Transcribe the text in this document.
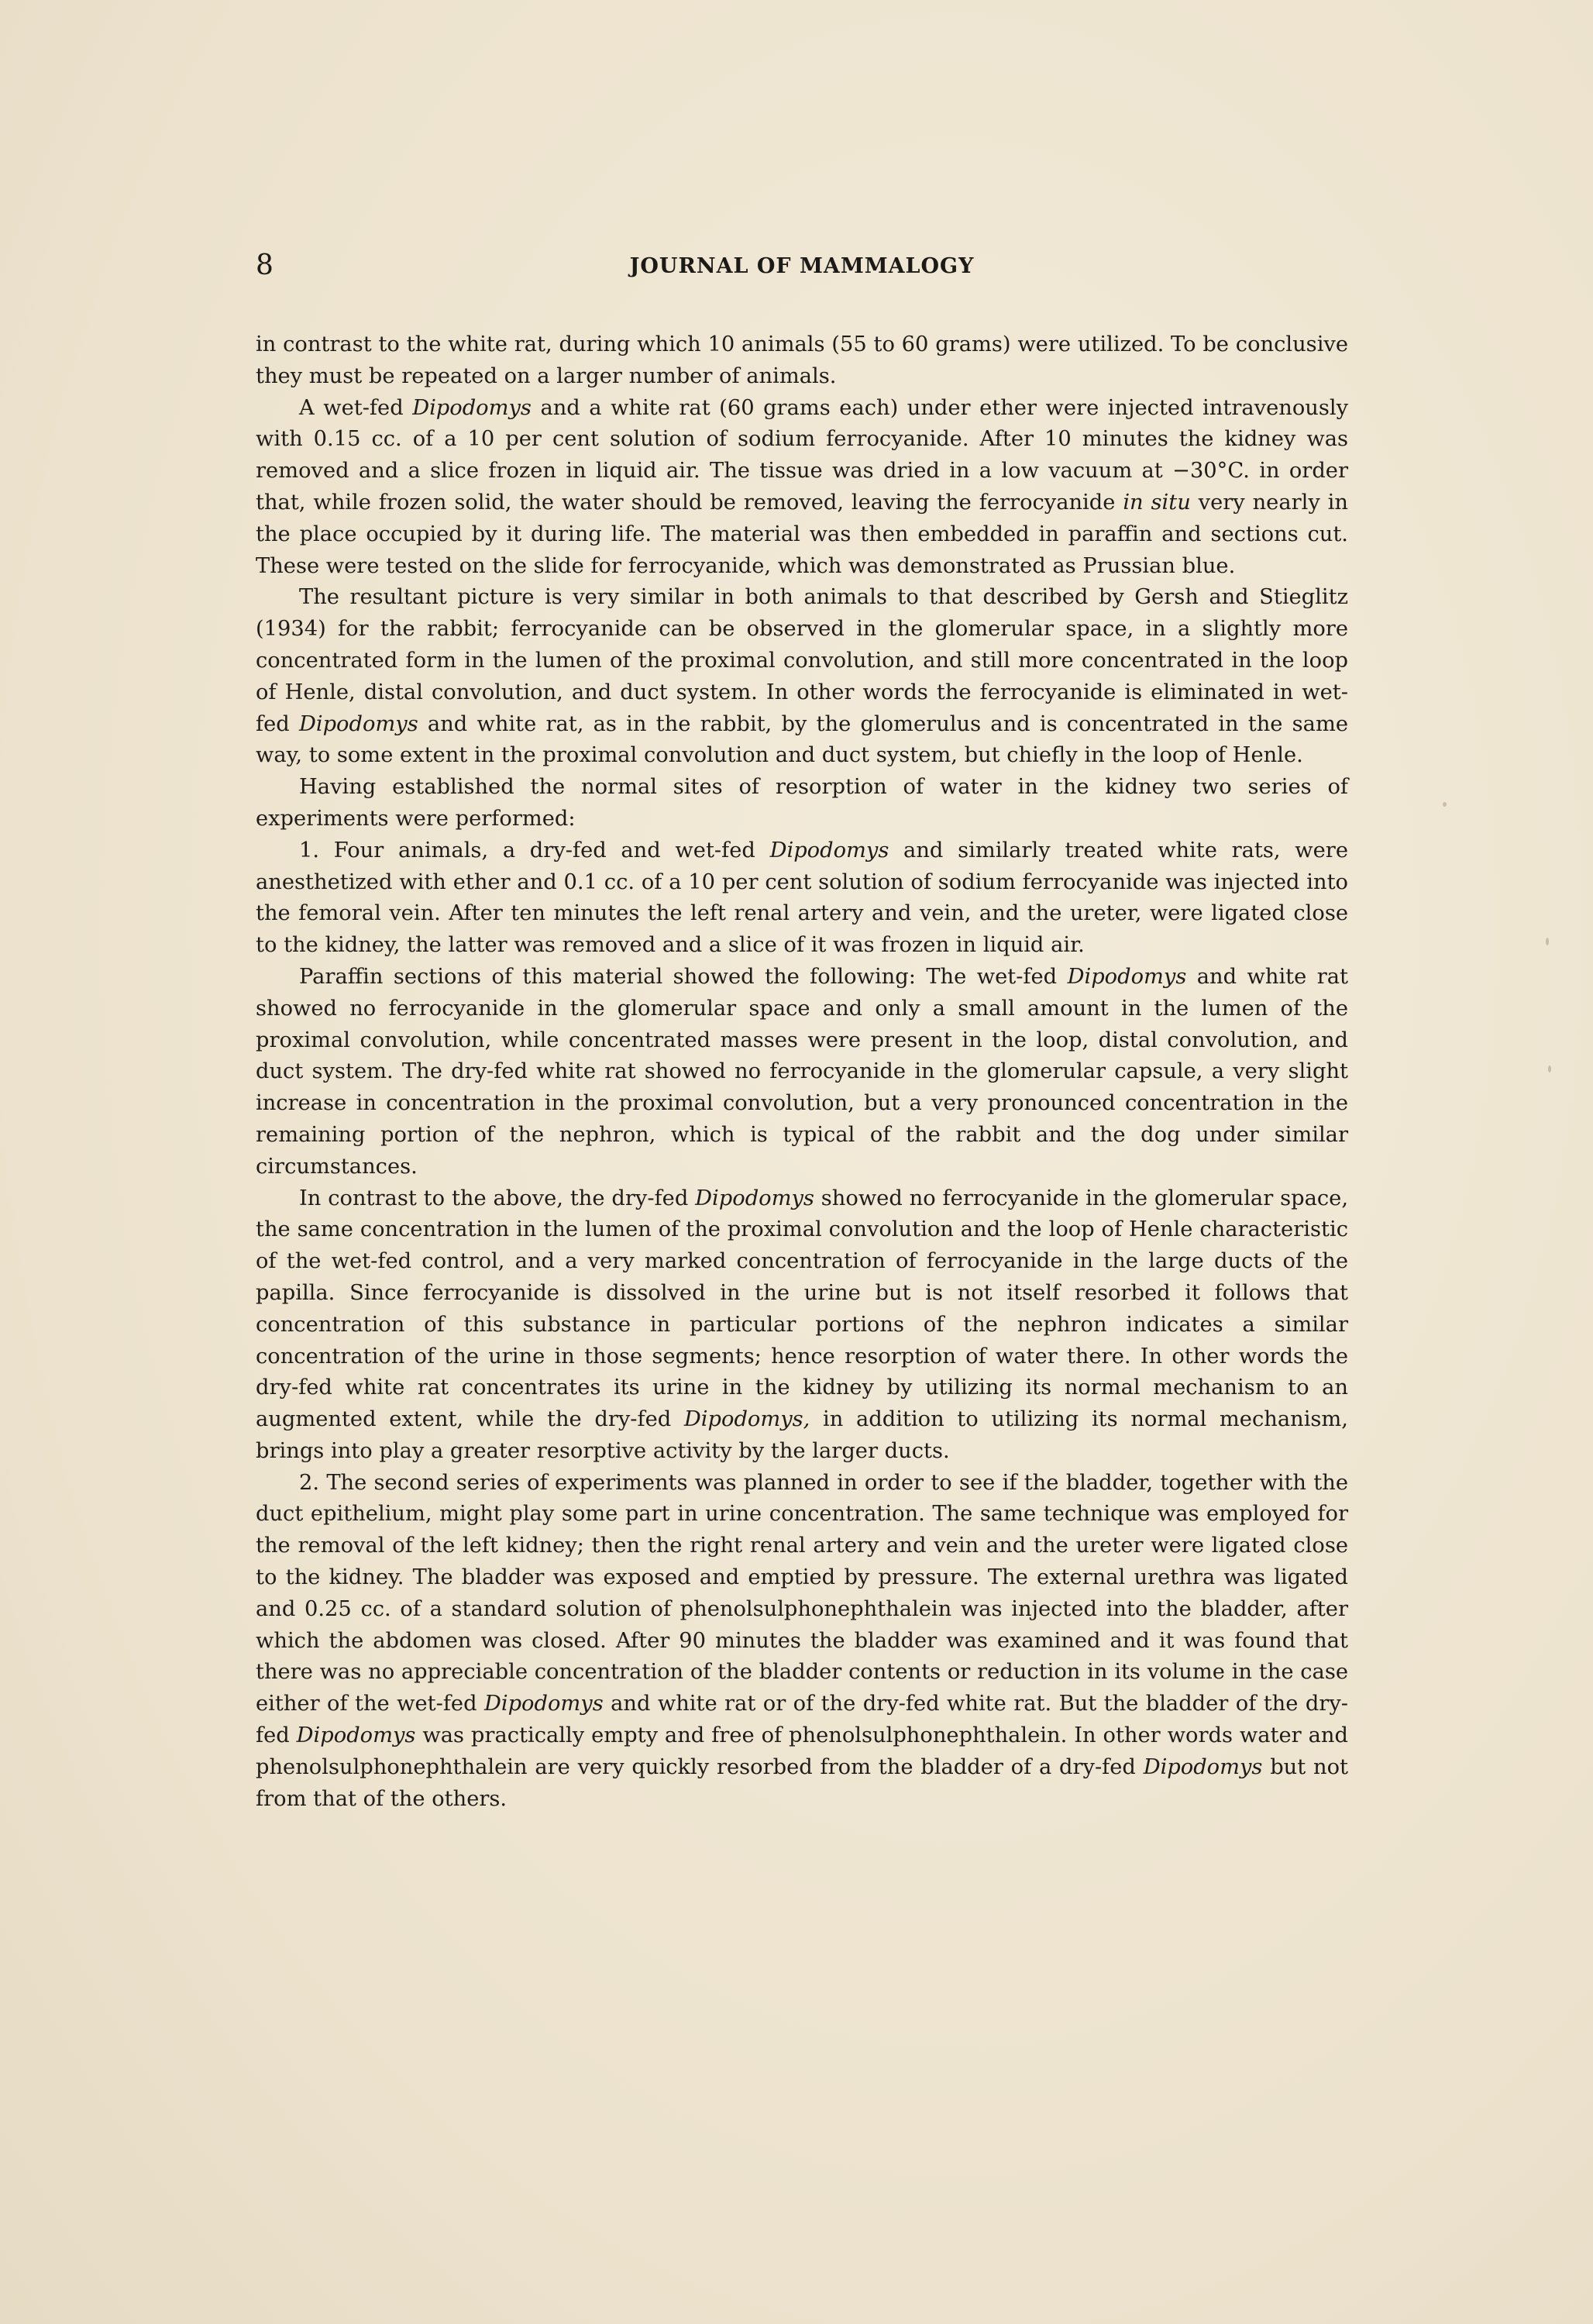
8	JOURNAL OF MAMMALOGY

in contrast to the white rat, during which 10 animals (55 to 60 grams) were utilized. To be conclusive they must be repeated on a larger number of animals.

A wet-fed Dipodomys and a white rat (60 grams each) under ether were injected intravenously with 0.15 cc. of a 10 per cent solution of sodium ferrocyanide. After 10 minutes the kidney was removed and a slice frozen in liquid air. The tissue was dried in a low vacuum at −30°C. in order that, while frozen solid, the water should be removed, leaving the ferrocyanide in situ very nearly in the place occupied by it during life. The material was then embedded in paraffin and sections cut. These were tested on the slide for ferrocyanide, which was demonstrated as Prussian blue.

The resultant picture is very similar in both animals to that described by Gersh and Stieglitz (1934) for the rabbit; ferrocyanide can be observed in the glomerular space, in a slightly more concentrated form in the lumen of the proximal convolution, and still more concentrated in the loop of Henle, distal convolution, and duct system. In other words the ferrocyanide is eliminated in wet-fed Dipodomys and white rat, as in the rabbit, by the glomerulus and is concentrated in the same way, to some extent in the proximal convolution and duct system, but chiefly in the loop of Henle.

Having established the normal sites of resorption of water in the kidney two series of experiments were performed:

1. Four animals, a dry-fed and wet-fed Dipodomys and similarly treated white rats, were anesthetized with ether and 0.1 cc. of a 10 per cent solution of sodium ferrocyanide was injected into the femoral vein. After ten minutes the left renal artery and vein, and the ureter, were ligated close to the kidney, the latter was removed and a slice of it was frozen in liquid air.

Paraffin sections of this material showed the following: The wet-fed Dipodomys and white rat showed no ferrocyanide in the glomerular space and only a small amount in the lumen of the proximal convolution, while concentrated masses were present in the loop, distal convolution, and duct system. The dry-fed white rat showed no ferrocyanide in the glomerular capsule, a very slight increase in concentration in the proximal convolution, but a very pronounced concentration in the remaining portion of the nephron, which is typical of the rabbit and the dog under similar circumstances.

In contrast to the above, the dry-fed Dipodomys showed no ferrocyanide in the glomerular space, the same concentration in the lumen of the proximal convolution and the loop of Henle characteristic of the wet-fed control, and a very marked concentration of ferrocyanide in the large ducts of the papilla. Since ferrocyanide is dissolved in the urine but is not itself resorbed it follows that concentration of this substance in particular portions of the nephron indicates a similar concentration of the urine in those segments; hence resorption of water there. In other words the dry-fed white rat concentrates its urine in the kidney by utilizing its normal mechanism to an augmented extent, while the dry-fed Dipodomys, in addition to utilizing its normal mechanism, brings into play a greater resorptive activity by the larger ducts.

2. The second series of experiments was planned in order to see if the bladder, together with the duct epithelium, might play some part in urine concentration. The same technique was employed for the removal of the left kidney; then the right renal artery and vein and the ureter were ligated close to the kidney. The bladder was exposed and emptied by pressure. The external urethra was ligated and 0.25 cc. of a standard solution of phenolsulphonephthalein was injected into the bladder, after which the abdomen was closed. After 90 minutes the bladder was examined and it was found that there was no appreciable concentration of the bladder contents or reduction in its volume in the case either of the wet-fed Dipodomys and white rat or of the dry-fed white rat. But the bladder of the dry-fed Dipodomys was practically empty and free of phenolsulphonephthalein. In other words water and phenolsulphonephthalein are very quickly resorbed from the bladder of a dry-fed Dipodomys but not from that of the others.
